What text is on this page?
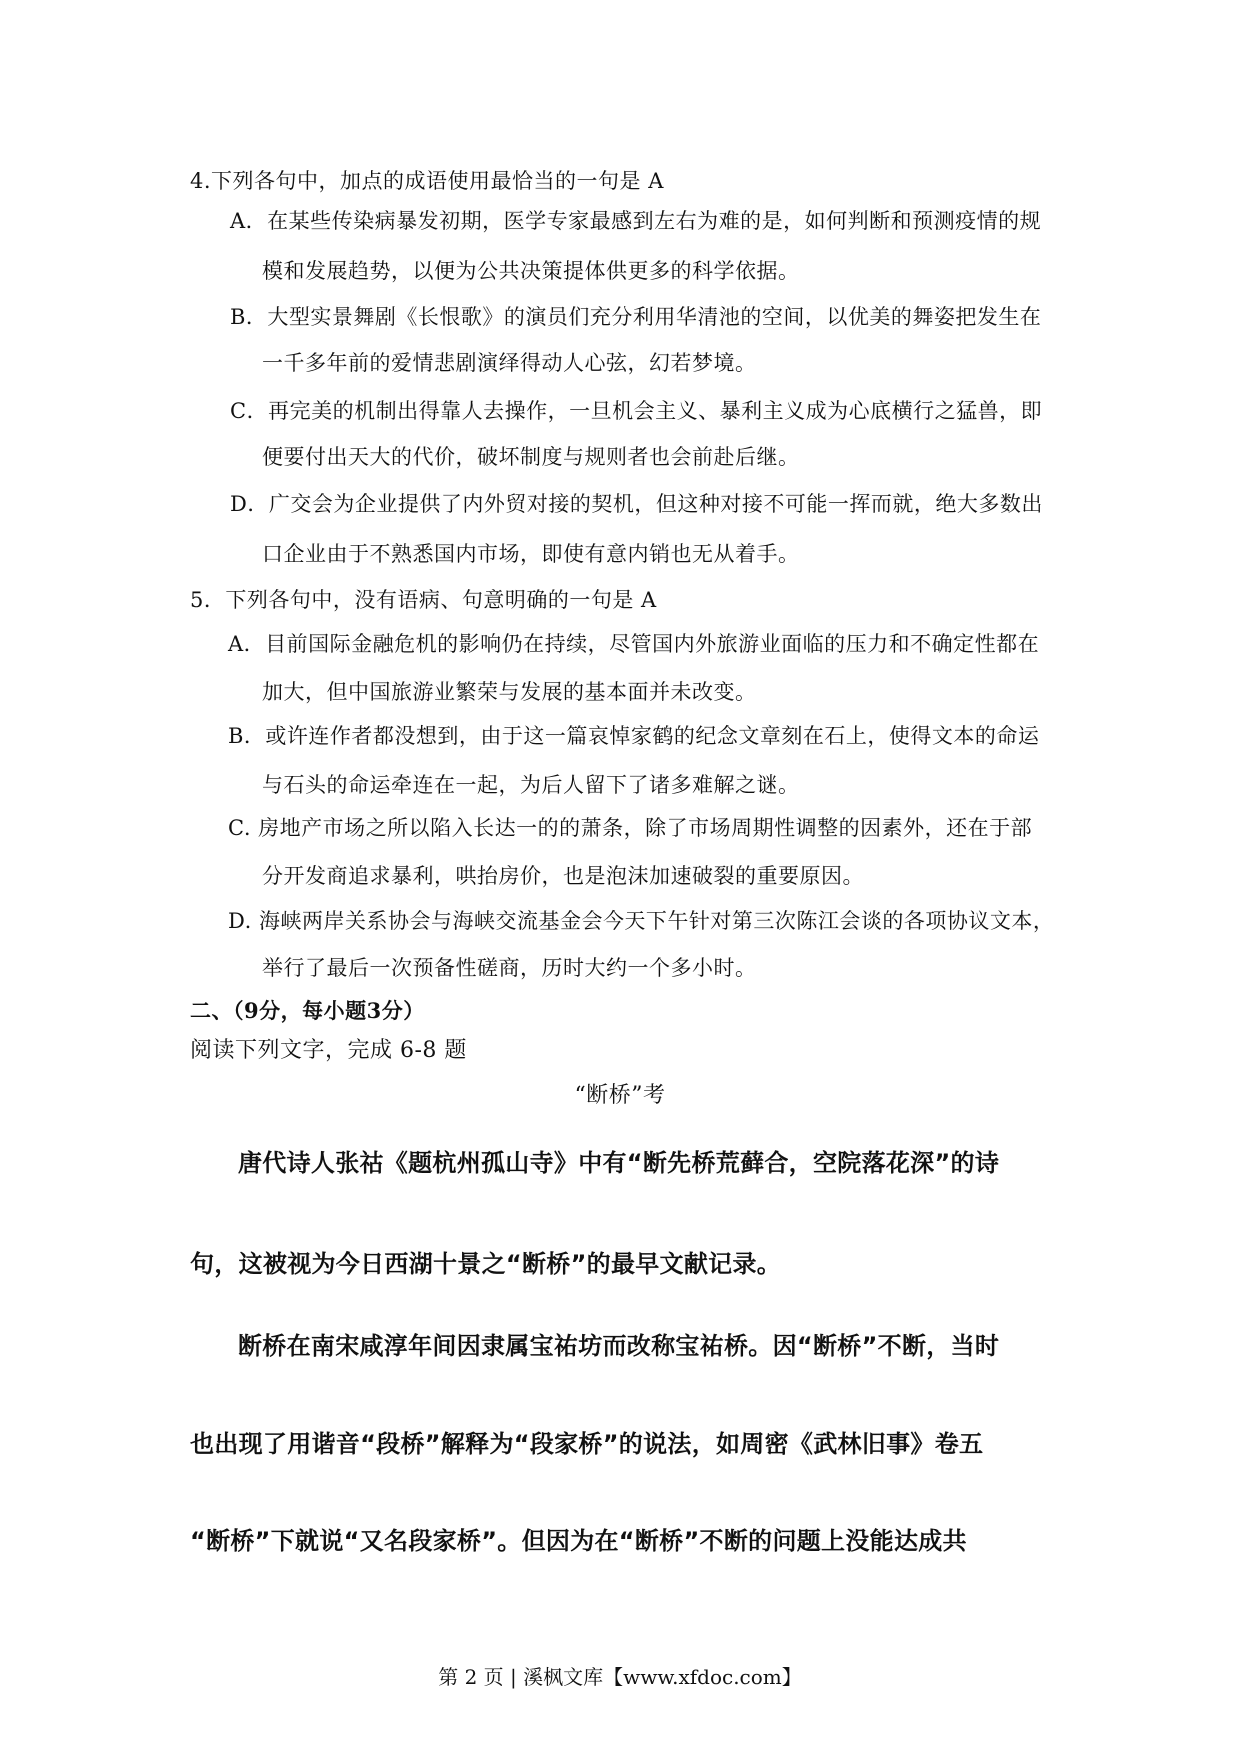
4.下列各句中，加点的成语使用最恰当的一句是 A
A．在某些传染病暴发初期，医学专家最感到左右为难的是，如何判断和预测疫情的规
模和发展趋势，以便为公共决策提体供更多的科学依据。
B．大型实景舞剧《长恨歌》的演员们充分利用华清池的空间，以优美的舞姿把发生在
一千多年前的爱情悲剧演绎得动人心弦，幻若梦境。
C．再完美的机制出得靠人去操作，一旦机会主义、暴利主义成为心底横行之猛兽，即
便要付出天大的代价，破坏制度与规则者也会前赴后继。
D．广交会为企业提供了内外贸对接的契机，但这种对接不可能一挥而就，绝大多数出
口企业由于不熟悉国内市场，即使有意内销也无从着手。
5．下列各句中，没有语病、句意明确的一句是 A
A．目前国际金融危机的影响仍在持续，尽管国内外旅游业面临的压力和不确定性都在
加大，但中国旅游业繁荣与发展的基本面并未改变。
B．或许连作者都没想到，由于这一篇哀悼家鹤的纪念文章刻在石上，使得文本的命运
与石头的命运牵连在一起，为后人留下了诸多难解之谜。
C. 房地产市场之所以陷入长达一的的萧条，除了市场周期性调整的因素外，还在于部
分开发商追求暴利，哄抬房价，也是泡沫加速破裂的重要原因。
D. 海峡两岸关系协会与海峡交流基金会今天下午针对第三次陈江会谈的各项协议文本，
举行了最后一次预备性磋商，历时大约一个多小时。
二、（9分，每小题3分）
阅读下列文字，完成 6-8 题
“断桥”考
唐代诗人张祜《题杭州孤山寺》中有“断先桥荒藓合，空院落花深”的诗
句，这被视为今日西湖十景之“断桥”的最早文献记录。
断桥在南宋咸淳年间因隶属宝祐坊而改称宝祐桥。因“断桥”不断，当时
也出现了用谐音“段桥”解释为“段家桥”的说法，如周密《武林旧事》卷五
“断桥”下就说“又名段家桥”。但因为在“断桥”不断的问题上没能达成共
第 2 页 | 溪枫文库【www.xfdoc.com】
